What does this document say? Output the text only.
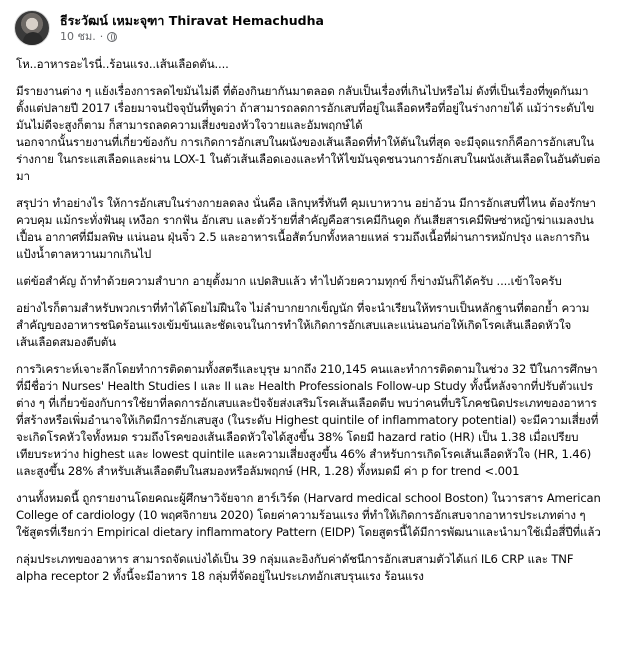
ธีระวัฒน์ เหมะจุฑา Thiravat Hemachudha
10 ชม. ·

โห..อาหารอะไรนี่..ร้อนแรง..เส้นเลือดตัน....

มีรายงานต่าง ๆ แย้งเรื่องการลดไขมันไม่ดี ที่ต้องกินยากันมาตลอด กลับเป็นเรื่องที่เกินไปหรือไม่ ดังที่เป็นเรื่องที่พูดกันมาตั้งแต่ปลายปี 2017 เรื่อยมาจนปัจจุบันที่พูดว่า ถ้าสามารถลดการอักเสบที่อยู่ในเลือดหรือที่อยู่ในร่างกายได้ แม้ว่าระดับไขมันไม่ดีจะสูงก็ตาม ก็สามารถลดความเสี่ยงของหัวใจวายและอัมพฤกษ์ได้
นอกจากนั้นรายงานที่เกี่ยวข้องกับ การเกิดการอักเสบในผนังของเส้นเลือดที่ทำให้ตันในที่สุด จะมีจุดแรกก็คือการอักเสบในร่างกาย ในกระแสเลือดและผ่าน LOX-1 ในตัวเส้นเลือดเองและทำให้ไขมันจุดชนวนการอักเสบในผนังเส้นเลือดในอันดับต่อมา

สรุปว่า ทำอย่างไร ให้การอักเสบในร่างกายลดลง นั่นคือ เลิกบุหรี่ทันที คุมเบาหวาน อย่าอ้วน มีการอักเสบที่ไหน ต้องรักษา ควบคุม แม้กระทั่งฟันผุ เหงือก รากฟัน อักเสบ และตัวร้ายที่สำคัญคือสารเคมีกินดูด กันเสียสารเคมีพิษซ่าหญ้าฆ่าแมลงปนเปื้อน อากาศที่มีมลพิษ แน่นอน ฝุ่นจิ๋ว 2.5 และอาหารเนื้อสัตว์บกทั้งหลายแหล่ รวมถึงเนื้อที่ผ่านการหมักปรุง และการกินแป้งน้ำตาลหวานมากเกินไป

แต่ข้อสำคัญ ถ้าทำด้วยความสำบาก อายุตั้งมาก แปดสิบแล้ว ทำไปด้วยความทุกข์ ก็ข่างมันก็ได้ครับ ....เข้าใจครับ

อย่างไรก็ตามสำหรับพวกเราที่ทำได้โดยไม่ฝืนใจ ไม่ลำบากยากเข็ญนัก ที่จะนำเรียนให้ทราบเป็นหลักฐานที่ตอกย้ำ ความสำคัญของอาหารชนิดร้อนแรงเข้มข้นและชัดเจนในการทำให้เกิดการอักเสบและแน่นอนก่อให้เกิดโรคเส้นเลือดหัวใจ เส้นเลือดสมองตีบตัน

การวิเคราะห์เจาะลึกโดยทำการติดตามทั้งสตรีและบุรุษ มากถึง 210,145 คนและทำการติดตามในช่วง 32 ปีในการศึกษา ที่มีชื่อว่า Nurses' Health Studies I และ II และ Health Professionals Follow-up Study ทั้งนี้หลังจากที่ปรับตัวแปร ต่าง ๆ ที่เกี่ยวข้องกับการใช้ยาที่ลดการอักเสบและปัจจัยส่งเสริมโรคเส้นเลือดตีบ พบว่าคนที่บริโภคชนิดประเภทของอาหารที่สร้างหรือเพิ่มอำนาจให้เกิดมีการอักเสบสูง (ในระดับ Highest quintile of inflammatory potential) จะมีความเสี่ยงที่จะเกิดโรคหัวใจทั้งหมด รวมถึงโรคของเส้นเลือดหัวใจได้สูงขึ้น 38% โดยมี hazard ratio (HR) เป็น 1.38 เมื่อเปรียบเทียบระหว่าง highest และ lowest quintile และความเสี่ยงสูงขึ้น 46% สำหรับการเกิดโรคเส้นเลือดหัวใจ (HR, 1.46) และสูงขึ้น 28% สำหรับเส้นเลือดตีบในสมองหรือลัมพฤกษ์ (HR, 1.28) ทั้งหมดมี ค่า p for trend <.001

งานทั้งหมดนี้ ถูกรายงานโดยคณะผู้ศึกษาวิจัยจาก ฮาร์เวิร์ด (Harvard medical school Boston) ในวารสาร American College of cardiology (10 พฤศจิกายน 2020) โดยค่าความร้อนแรง ที่ทำให้เกิดการอักเสบจากอาหารประเภทต่าง ๆ ใช้สูตรที่เรียกว่า Empirical dietary inflammatory Pattern (EIDP) โดยสูตรนี้ได้มีการพัฒนาและนำมาใช้เมื่อสี่ปีที่แล้ว

กลุ่มประเภทของอาหาร สามารถจัดแบ่งได้เป็น 39 กลุ่มและอิงกับค่าดัชนีการอักเสบสามตัวได้แก่ IL6 CRP และ TNF alpha receptor 2 ทั้งนี้จะมีอาหาร 18 กลุ่มที่จัดอยู่ในประเภทอักเสบรุนแรง ร้อนแรง
